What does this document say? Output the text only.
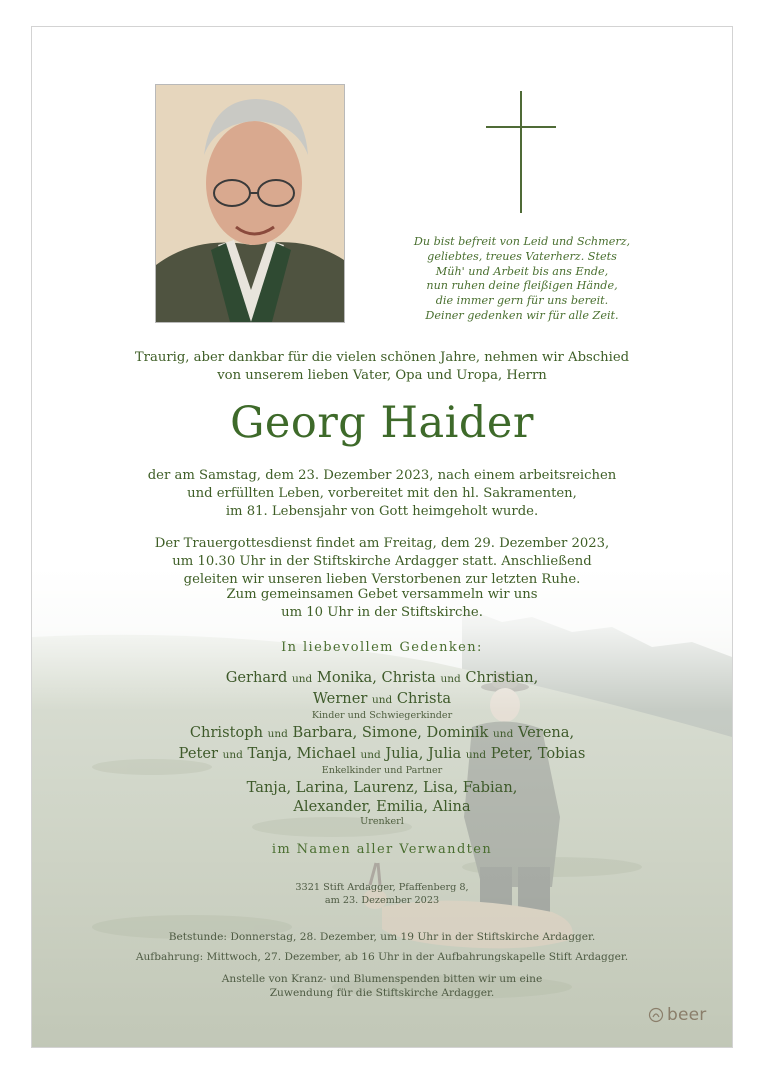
Du bist befreit von Leid und Schmerz,
geliebtes, treues Vaterherz. Stets
Müh' und Arbeit bis ans Ende,
nun ruhen deine fleißigen Hände,
die immer gern für uns bereit.
Deiner gedenken wir für alle Zeit.
Traurig, aber dankbar für die vielen schönen Jahre, nehmen wir Abschied
von unserem lieben Vater, Opa und Uropa, Herrn
Georg Haider
der am Samstag, dem 23. Dezember 2023, nach einem arbeitsreichen
und erfüllten Leben, vorbereitet mit den hl. Sakramenten,
im 81. Lebensjahr von Gott heimgeholt wurde.
Der Trauergottesdienst findet am Freitag, dem 29. Dezember 2023,
um 10.30 Uhr in der Stiftskirche Ardagger statt. Anschließend
geleiten wir unseren lieben Verstorbenen zur letzten Ruhe.
Zum gemeinsamen Gebet versammeln wir uns
um 10 Uhr in der Stiftskirche.
In liebevollem Gedenken:
Gerhard und Monika, Christa und Christian,
Werner und Christa
Kinder und Schwiegerkinder
Christoph und Barbara, Simone, Dominik und Verena,
Peter und Tanja, Michael und Julia, Julia und Peter, Tobias
Enkelkinder und Partner
Tanja, Larina, Laurenz, Lisa, Fabian,
Alexander, Emilia, Alina
Urenkerl
im Namen aller Verwandten
3321 Stift Ardagger, Pfaffenberg 8,
am 23. Dezember 2023
Betstunde: Donnerstag, 28. Dezember, um 19 Uhr in der Stiftskirche Ardagger.
Aufbahrung: Mittwoch, 27. Dezember, ab 16 Uhr in der Aufbahrungskapelle Stift Ardagger.
Anstelle von Kranz- und Blumenspenden bitten wir um eine
Zuwendung für die Stiftskirche Ardagger.
beer
